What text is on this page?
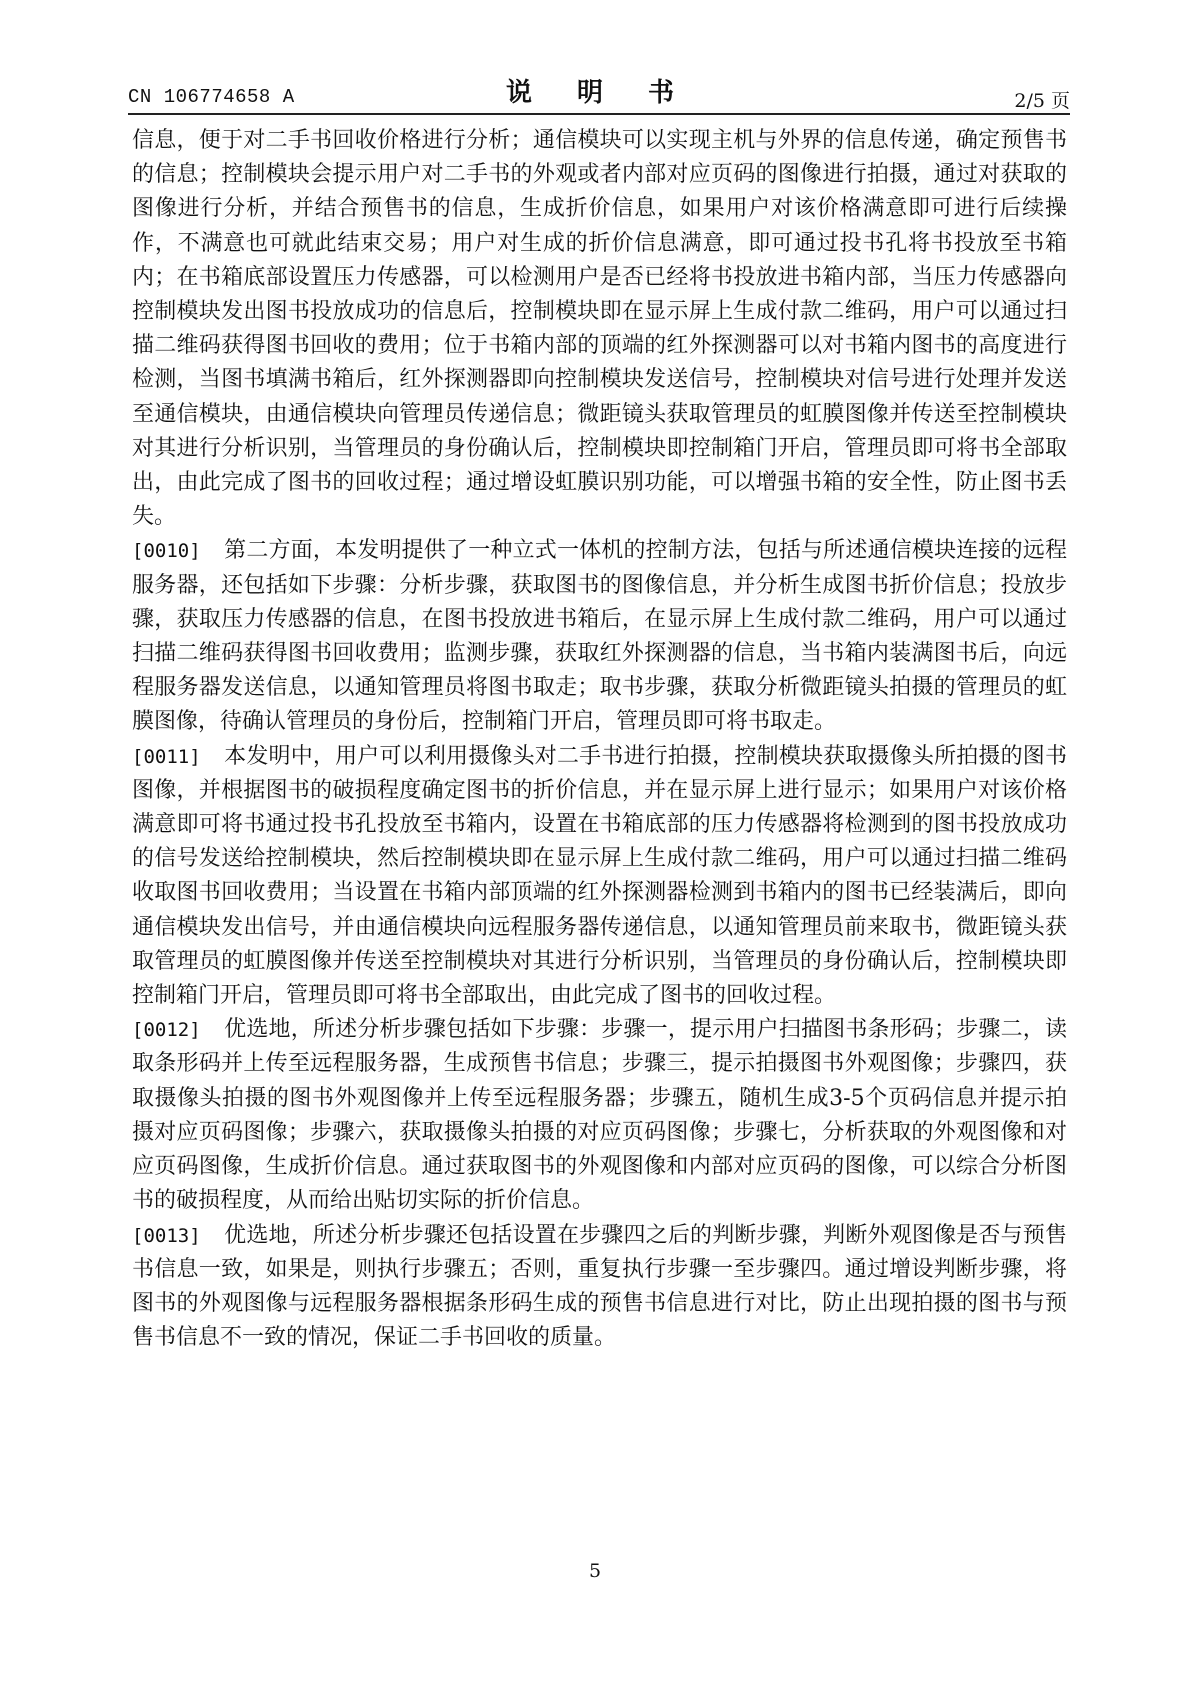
CN 106774658 A	说 明 书	2/5 页

信息，便于对二手书回收价格进行分析；通信模块可以实现主机与外界的信息传递，确定预售书的信息；控制模块会提示用户对二手书的外观或者内部对应页码的图像进行拍摄，通过对获取的图像进行分析，并结合预售书的信息，生成折价信息，如果用户对该价格满意即可进行后续操作，不满意也可就此结束交易；用户对生成的折价信息满意，即可通过投书孔将书投放至书箱内；在书箱底部设置压力传感器，可以检测用户是否已经将书投放进书箱内部，当压力传感器向控制模块发出图书投放成功的信息后，控制模块即在显示屏上生成付款二维码，用户可以通过扫描二维码获得图书回收的费用；位于书箱内部的顶端的红外探测器可以对书箱内图书的高度进行检测，当图书填满书箱后，红外探测器即向控制模块发送信号，控制模块对信号进行处理并发送至通信模块，由通信模块向管理员传递信息；微距镜头获取管理员的虹膜图像并传送至控制模块对其进行分析识别，当管理员的身份确认后，控制模块即控制箱门开启，管理员即可将书全部取出，由此完成了图书的回收过程；通过增设虹膜识别功能，可以增强书箱的安全性，防止图书丢失。

[0010] 第二方面，本发明提供了一种立式一体机的控制方法，包括与所述通信模块连接的远程服务器，还包括如下步骤：分析步骤，获取图书的图像信息，并分析生成图书折价信息；投放步骤，获取压力传感器的信息，在图书投放进书箱后，在显示屏上生成付款二维码，用户可以通过扫描二维码获得图书回收费用；监测步骤，获取红外探测器的信息，当书箱内装满图书后，向远程服务器发送信息，以通知管理员将图书取走；取书步骤，获取分析微距镜头拍摄的管理员的虹膜图像，待确认管理员的身份后，控制箱门开启，管理员即可将书取走。

[0011] 本发明中，用户可以利用摄像头对二手书进行拍摄，控制模块获取摄像头所拍摄的图书图像，并根据图书的破损程度确定图书的折价信息，并在显示屏上进行显示；如果用户对该价格满意即可将书通过投书孔投放至书箱内，设置在书箱底部的压力传感器将检测到的图书投放成功的信号发送给控制模块，然后控制模块即在显示屏上生成付款二维码，用户可以通过扫描二维码收取图书回收费用；当设置在书箱内部顶端的红外探测器检测到书箱内的图书已经装满后，即向通信模块发出信号，并由通信模块向远程服务器传递信息，以通知管理员前来取书，微距镜头获取管理员的虹膜图像并传送至控制模块对其进行分析识别，当管理员的身份确认后，控制模块即控制箱门开启，管理员即可将书全部取出，由此完成了图书的回收过程。

[0012] 优选地，所述分析步骤包括如下步骤：步骤一，提示用户扫描图书条形码；步骤二，读取条形码并上传至远程服务器，生成预售书信息；步骤三，提示拍摄图书外观图像；步骤四，获取摄像头拍摄的图书外观图像并上传至远程服务器；步骤五，随机生成3-5个页码信息并提示拍摄对应页码图像；步骤六，获取摄像头拍摄的对应页码图像；步骤七，分析获取的外观图像和对应页码图像，生成折价信息。通过获取图书的外观图像和内部对应页码的图像，可以综合分析图书的破损程度，从而给出贴切实际的折价信息。

[0013] 优选地，所述分析步骤还包括设置在步骤四之后的判断步骤，判断外观图像是否与预售书信息一致，如果是，则执行步骤五；否则，重复执行步骤一至步骤四。通过增设判断步骤，将图书的外观图像与远程服务器根据条形码生成的预售书信息进行对比，防止出现拍摄的图书与预售书信息不一致的情况，保证二手书回收的质量。

5
